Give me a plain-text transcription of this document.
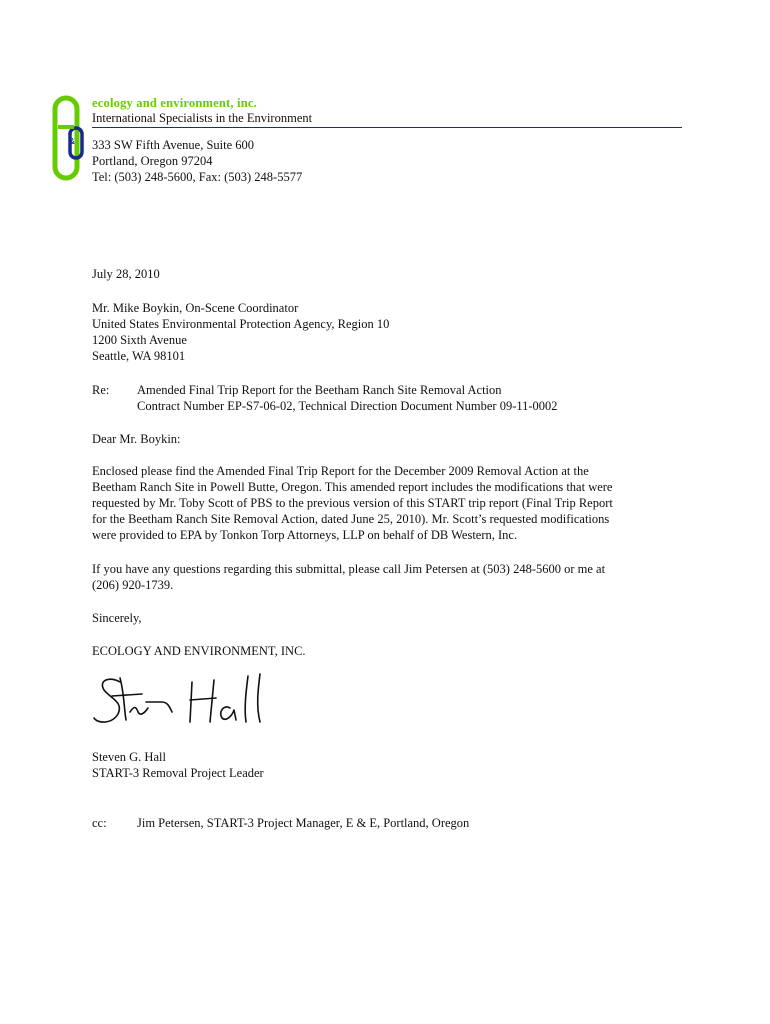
&
ecology and environment, inc.
International Specialists in the Environment
333 SW Fifth Avenue, Suite 600
Portland, Oregon 97204
Tel: (503) 248-5600, Fax: (503) 248-5577
July 28, 2010
Mr. Mike Boykin, On-Scene Coordinator
United States Environmental Protection Agency, Region 10
1200 Sixth Avenue
Seattle, WA 98101
Re: Amended Final Trip Report for the Beetham Ranch Site Removal Action
Contract Number EP-S7-06-02, Technical Direction Document Number 09-11-0002
Dear Mr. Boykin:
Enclosed please find the Amended Final Trip Report for the December 2009 Removal Action at the
Beetham Ranch Site in Powell Butte, Oregon. This amended report includes the modifications that were
requested by Mr. Toby Scott of PBS to the previous version of this START trip report (Final Trip Report
for the Beetham Ranch Site Removal Action, dated June 25, 2010). Mr. Scott’s requested modifications
were provided to EPA by Tonkon Torp Attorneys, LLP on behalf of DB Western, Inc.
If you have any questions regarding this submittal, please call Jim Petersen at (503) 248-5600 or me at
(206) 920-1739.
Sincerely,
ECOLOGY AND ENVIRONMENT, INC.
Steven G. Hall
START-3 Removal Project Leader
cc: Jim Petersen, START-3 Project Manager, E & E, Portland, Oregon
